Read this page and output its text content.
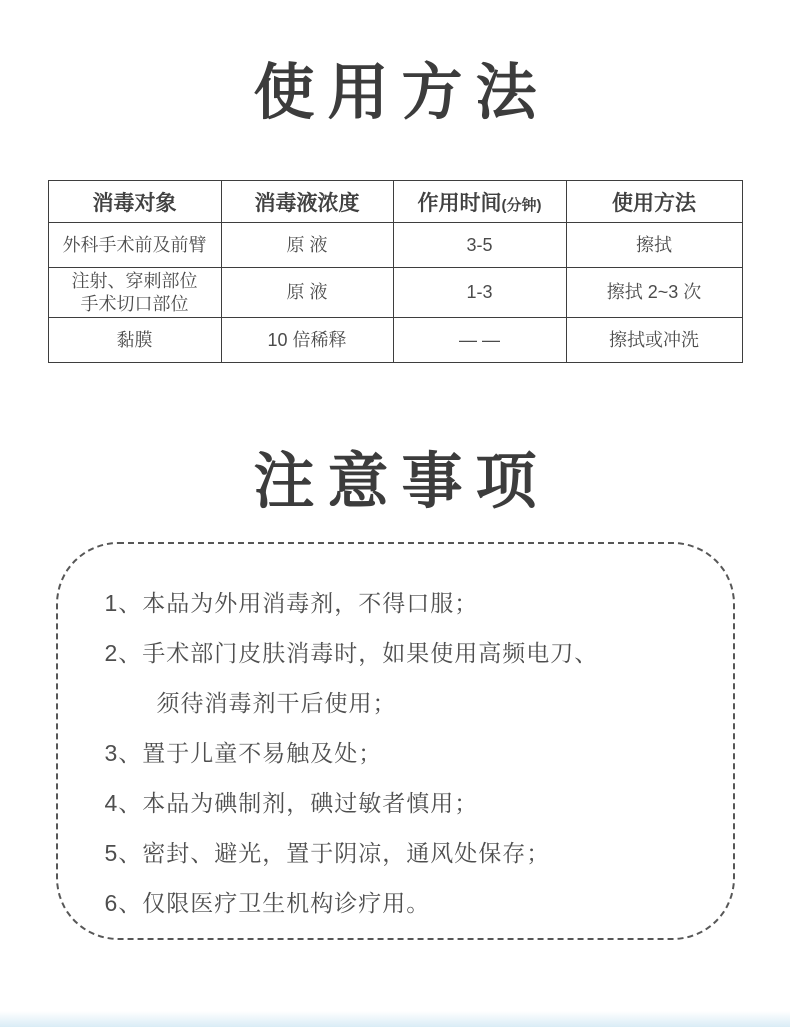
使用方法
消毒对象	消毒液浓度	作用时间(分钟)	使用方法
外科手术前及前臂	原 液	3-5	擦拭
注射、穿刺部位
手术切口部位	原 液	1-3	擦拭 2~3 次
黏膜	10 倍稀释	— —	擦拭或冲洗
注意事项
1、本品为外用消毒剂，不得口服；
2、手术部门皮肤消毒时，如果使用高频电刀、
须待消毒剂干后使用；
3、置于儿童不易触及处；
4、本品为碘制剂，碘过敏者慎用；
5、密封、避光，置于阴凉，通风处保存；
6、仅限医疗卫生机构诊疗用。
